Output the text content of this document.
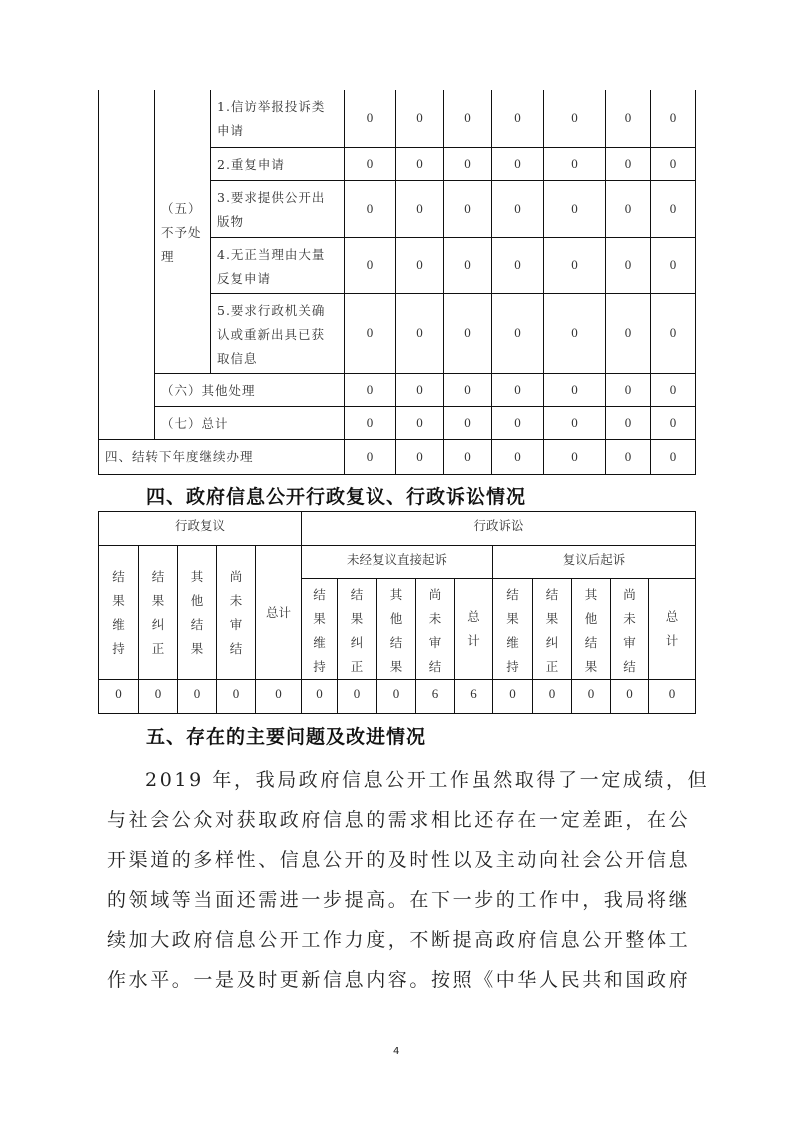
	（五）不予处理	1.信访举报投诉类申请	0	0	0	0	0	0	0
		2.重复申请	0	0	0	0	0	0	0
		3.要求提供公开出版物	0	0	0	0	0	0	0
		4.无正当理由大量反复申请	0	0	0	0	0	0	0
		5.要求行政机关确认或重新出具已获取信息	0	0	0	0	0	0	0
	（六）其他处理		0	0	0	0	0	0	0
	（七）总计		0	0	0	0	0	0	0
四、结转下年度继续办理			0	0	0	0	0	0	0
四、政府信息公开行政复议、行政诉讼情况
行政复议					行政诉讼									

结果维持	结果纠正	其他结果	尚未审结	总计	未经复议直接起诉					复议后起诉				

					结果维持	结果纠正	其他结果	尚未审结	总计	结果维持	结果纠正	其他结果	尚未审结	总计

0	0	0	0	0	0	0	0	6	6	0	0	0	0	0
五、存在的主要问题及改进情况
2019 年，我局政府信息公开工作虽然取得了一定成绩，但
与社会公众对获取政府信息的需求相比还存在一定差距，在公
开渠道的多样性、信息公开的及时性以及主动向社会公开信息
的领域等当面还需进一步提高。在下一步的工作中，我局将继
续加大政府信息公开工作力度，不断提高政府信息公开整体工
作水平。一是及时更新信息内容。按照《中华人民共和国政府
4
